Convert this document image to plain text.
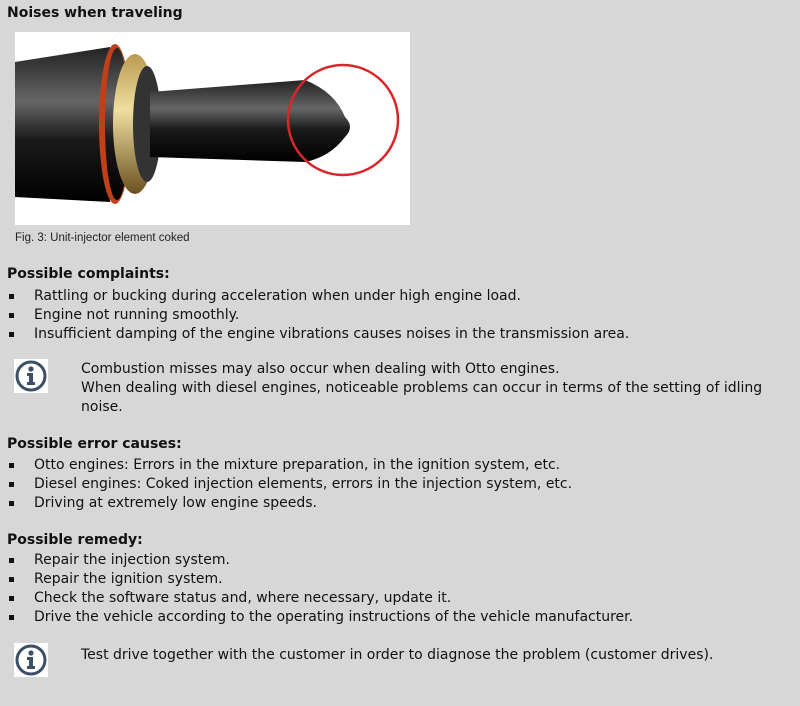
Noises when traveling
Fig. 3: Unit-injector element coked
Possible complaints:
Rattling or bucking during acceleration when under high engine load.
Engine not running smoothly.
Insufficient damping of the engine vibrations causes noises in the transmission area.
Combustion misses may also occur when dealing with Otto engines.
When dealing with diesel engines, noticeable problems can occur in terms of the setting of idling noise.
Possible error causes:
Otto engines: Errors in the mixture preparation, in the ignition system, etc.
Diesel engines: Coked injection elements, errors in the injection system, etc.
Driving at extremely low engine speeds.
Possible remedy:
Repair the injection system.
Repair the ignition system.
Check the software status and, where necessary, update it.
Drive the vehicle according to the operating instructions of the vehicle manufacturer.
Test drive together with the customer in order to diagnose the problem (customer drives).
